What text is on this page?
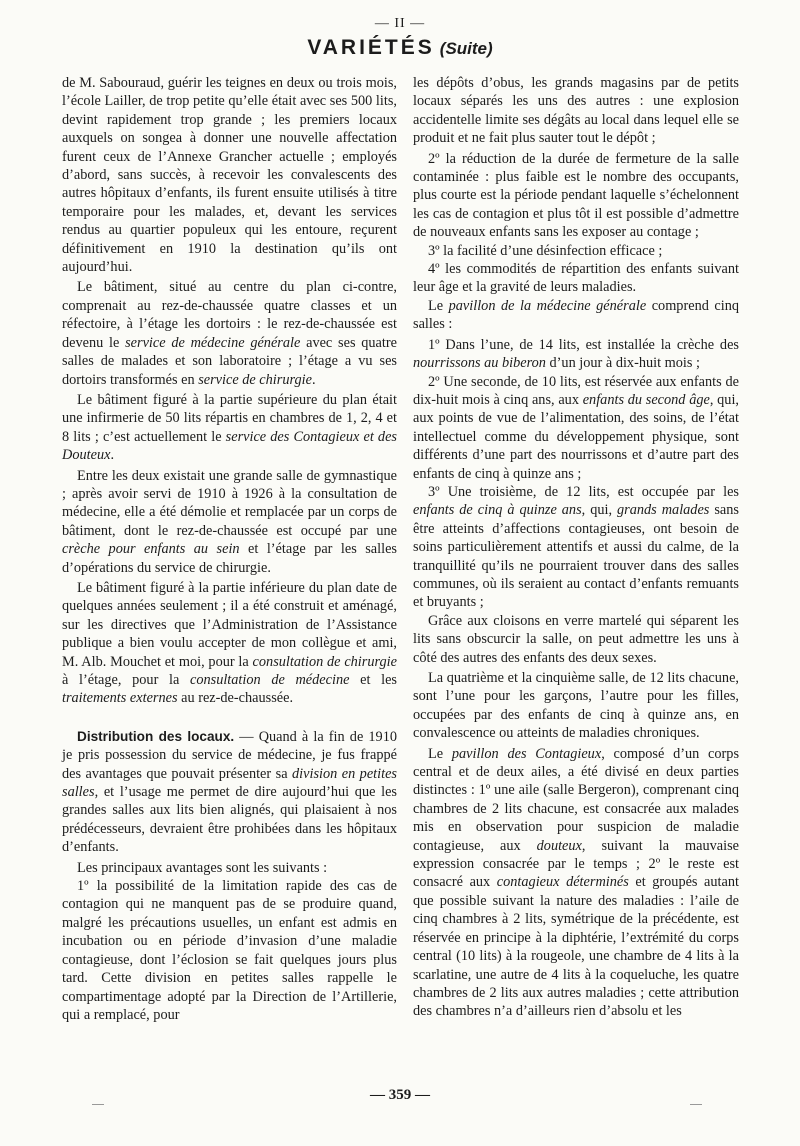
— II —
VARIÉTÉS (Suite)

de M. Sabouraud, guérir les teignes en deux ou trois mois, l’école Lailler, de trop petite qu’elle était avec ses 500 lits, devint rapidement trop grande ; les premiers locaux auxquels on songea à donner une nouvelle affectation furent ceux de l’Annexe Grancher actuelle ; employés d’abord, sans succès, à recevoir les convalescents des autres hôpitaux d’enfants, ils furent ensuite utilisés à titre temporaire pour les malades, et, devant les services rendus au quartier populeux qui les entoure, reçurent définitivement en 1910 la destination qu’ils ont aujourd’hui.

Le bâtiment, situé au centre du plan ci-contre, comprenait au rez-de-chaussée quatre classes et un réfectoire, à l’étage les dortoirs : le rez-de-chaussée est devenu le service de médecine générale avec ses quatre salles de malades et son laboratoire ; l’étage a vu ses dortoirs transformés en service de chirurgie.

Le bâtiment figuré à la partie supérieure du plan était une infirmerie de 50 lits répartis en chambres de 1, 2, 4 et 8 lits ; c’est actuellement le service des Contagieux et des Douteux.

Entre les deux existait une grande salle de gymnastique ; après avoir servi de 1910 à 1926 à la consultation de médecine, elle a été démolie et remplacée par un corps de bâtiment, dont le rez-de-chaussée est occupé par une crèche pour enfants au sein et l’étage par les salles d’opérations du service de chirurgie.

Le bâtiment figuré à la partie inférieure du plan date de quelques années seulement ; il a été construit et aménagé, sur les directives que l’Administration de l’Assistance publique a bien voulu accepter de mon collègue et ami, M. Alb. Mouchet et moi, pour la consultation de chirurgie à l’étage, pour la consultation de médecine et les traitements externes au rez-de-chaussée.

Distribution des locaux. — Quand à la fin de 1910 je pris possession du service de médecine, je fus frappé des avantages que pouvait présenter sa division en petites salles, et l’usage me permet de dire aujourd’hui que les grandes salles aux lits bien alignés, qui plaisaient à nos prédécesseurs, devraient être prohibées dans les hôpitaux d’enfants.

Les principaux avantages sont les suivants :

1º la possibilité de la limitation rapide des cas de contagion qui ne manquent pas de se produire quand, malgré les précautions usuelles, un enfant est admis en incubation ou en période d’invasion d’une maladie contagieuse, dont l’éclosion se fait quelques jours plus tard. Cette division en petites salles rappelle le compartimentage adopté par la Direction de l’Artillerie, qui a remplacé, pour

les dépôts d’obus, les grands magasins par de petits locaux séparés les uns des autres : une explosion accidentelle limite ses dégâts au local dans lequel elle se produit et ne fait plus sauter tout le dépôt ;

2º la réduction de la durée de fermeture de la salle contaminée : plus faible est le nombre des occupants, plus courte est la période pendant laquelle s’échelonnent les cas de contagion et plus tôt il est possible d’admettre de nouveaux enfants sans les exposer au contage ;

3º la facilité d’une désinfection efficace ;

4º les commodités de répartition des enfants suivant leur âge et la gravité de leurs maladies.

Le pavillon de la médecine générale comprend cinq salles :

1º Dans l’une, de 14 lits, est installée la crèche des nourrissons au biberon d’un jour à dix-huit mois ;

2º Une seconde, de 10 lits, est réservée aux enfants de dix-huit mois à cinq ans, aux enfants du second âge, qui, aux points de vue de l’alimentation, des soins, de l’état intellectuel comme du développement physique, sont différents d’une part des nourrissons et d’autre part des enfants de cinq à quinze ans ;

3º Une troisième, de 12 lits, est occupée par les enfants de cinq à quinze ans, qui, grands malades sans être atteints d’affections contagieuses, ont besoin de soins particulièrement attentifs et aussi du calme, de la tranquillité qu’ils ne pourraient trouver dans des salles communes, où ils seraient au contact d’enfants remuants et bruyants ;

Grâce aux cloisons en verre martelé qui séparent les lits sans obscurcir la salle, on peut admettre les uns à côté des autres des enfants des deux sexes.

La quatrième et la cinquième salle, de 12 lits chacune, sont l’une pour les garçons, l’autre pour les filles, occupées par des enfants de cinq à quinze ans, en convalescence ou atteints de maladies chroniques.

Le pavillon des Contagieux, composé d’un corps central et de deux ailes, a été divisé en deux parties distinctes : 1º une aile (salle Bergeron), comprenant cinq chambres de 2 lits chacune, est consacrée aux malades mis en observation pour suspicion de maladie contagieuse, aux douteux, suivant la mauvaise expression consacrée par le temps ; 2º le reste est consacré aux contagieux déterminés et groupés autant que possible suivant la nature des maladies : l’aile de cinq chambres à 2 lits, symétrique de la précédente, est réservée en principe à la diphtérie, l’extrémité du corps central (10 lits) à la rougeole, une chambre de 4 lits à la scarlatine, une autre de 4 lits à la coqueluche, les quatre chambres de 2 lits aux autres maladies ; cette attribution des chambres n’a d’ailleurs rien d’absolu et les

— 359 —
